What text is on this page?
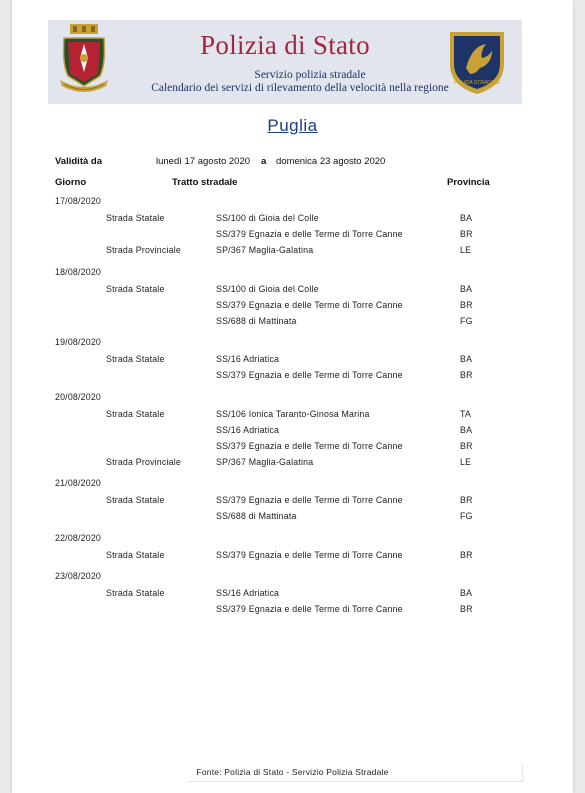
Polizia di Stato
Servizio polizia stradale
Calendario dei servizi di rilevamento della velocità nella regione POLIZIA STRADALE
Puglia
Validità da	lunedì 17 agosto 2020 a domenica 23 agosto 2020
Giorno	Tratto stradale	Provincia
17/08/2020
Strada Statale	SS/100 di Gioia del Colle	BA
SS/379 Egnazia e delle Terme di Torre Canne	BR
Strada Provinciale	SP/367 Maglia-Galatina	LE
18/08/2020
Strada Statale	SS/100 di Gioia del Colle	BA
SS/379 Egnazia e delle Terme di Torre Canne	BR
SS/688 di Mattinata	FG
19/08/2020
Strada Statale	SS/16 Adriatica	BA
SS/379 Egnazia e delle Terme di Torre Canne	BR
20/08/2020
Strada Statale	SS/106 Ionica Taranto-Ginosa Marina	TA
SS/16 Adriatica	BA
SS/379 Egnazia e delle Terme di Torre Canne	BR
Strada Provinciale	SP/367 Maglia-Galatina	LE
21/08/2020
Strada Statale	SS/379 Egnazia e delle Terme di Torre Canne	BR
SS/688 di Mattinata	FG
22/08/2020
Strada Statale	SS/379 Egnazia e delle Terme di Torre Canne	BR
23/08/2020
Strada Statale	SS/16 Adriatica	BA
SS/379 Egnazia e delle Terme di Torre Canne	BR
Fonte: Polizia di Stato - Servizio Polizia Stradale
